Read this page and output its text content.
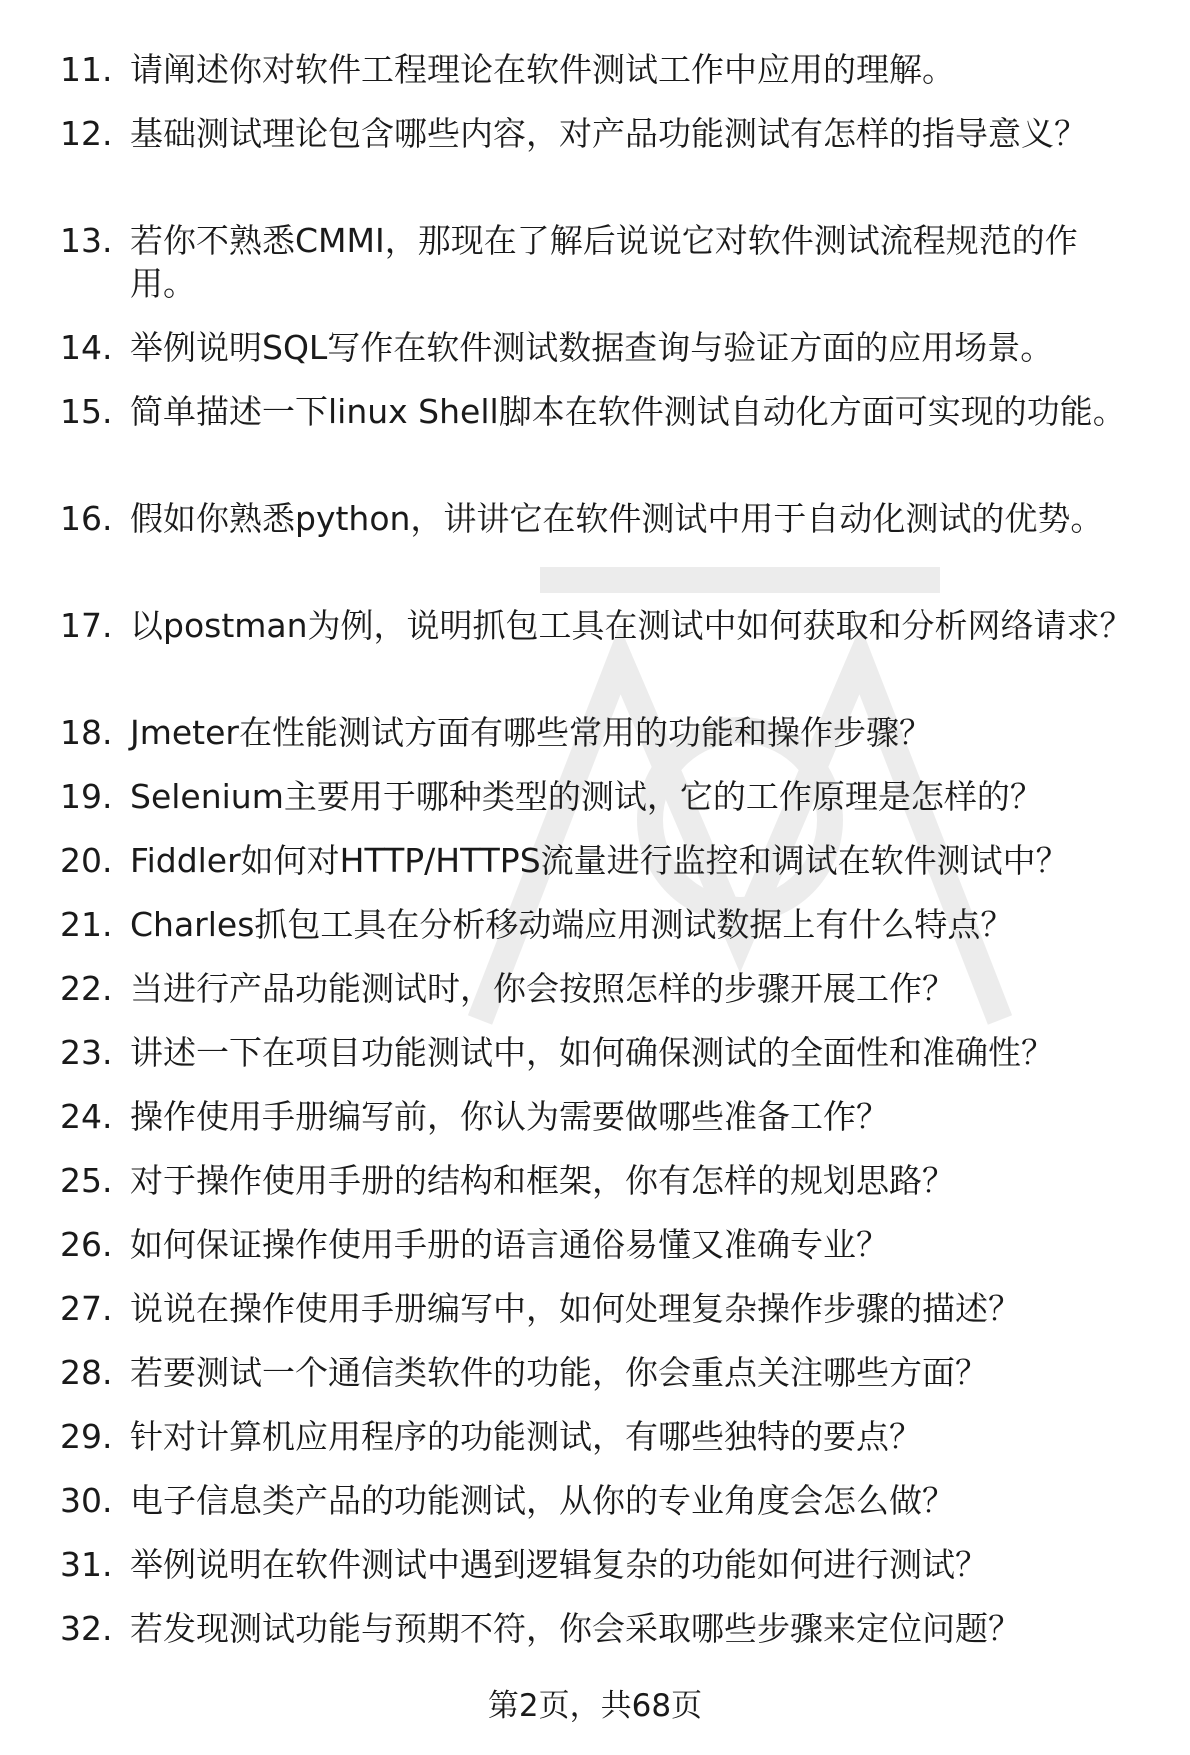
11. 请阐述你对软件工程理论在软件测试工作中应用的理解。
12. 基础测试理论包含哪些内容，对产品功能测试有怎样的指导意义？
13. 若你不熟悉CMMI，那现在了解后说说它对软件测试流程规范的作用。
14. 举例说明SQL写作在软件测试数据查询与验证方面的应用场景。
15. 简单描述一下linux Shell脚本在软件测试自动化方面可实现的功能。
16. 假如你熟悉python，讲讲它在软件测试中用于自动化测试的优势。
17. 以postman为例，说明抓包工具在测试中如何获取和分析网络请求？
18. Jmeter在性能测试方面有哪些常用的功能和操作步骤？
19. Selenium主要用于哪种类型的测试，它的工作原理是怎样的？
20. Fiddler如何对HTTP/HTTPS流量进行监控和调试在软件测试中？
21. Charles抓包工具在分析移动端应用测试数据上有什么特点？
22. 当进行产品功能测试时，你会按照怎样的步骤开展工作？
23. 讲述一下在项目功能测试中，如何确保测试的全面性和准确性？
24. 操作使用手册编写前，你认为需要做哪些准备工作？
25. 对于操作使用手册的结构和框架，你有怎样的规划思路？
26. 如何保证操作使用手册的语言通俗易懂又准确专业？
27. 说说在操作使用手册编写中，如何处理复杂操作步骤的描述？
28. 若要测试一个通信类软件的功能，你会重点关注哪些方面？
29. 针对计算机应用程序的功能测试，有哪些独特的要点？
30. 电子信息类产品的功能测试，从你的专业角度会怎么做？
31. 举例说明在软件测试中遇到逻辑复杂的功能如何进行测试？
32. 若发现测试功能与预期不符，你会采取哪些步骤来定位问题？
第2页，共68页
